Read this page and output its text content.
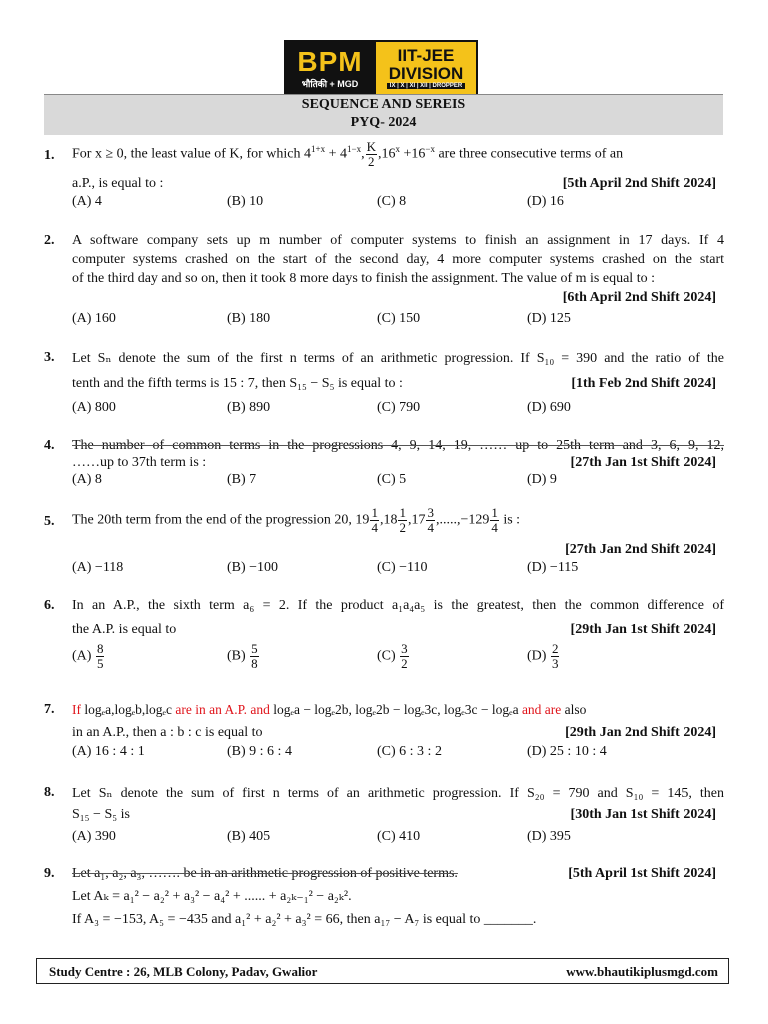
BPM
भौतिकी + MGD
IIT-JEE
DIVISION
IX | X | XI | XII | DROPPER
SEQUENCE AND SEREIS
PYQ- 2024
1. For x ≥ 0, the least value of K, for which $4^{1+x} + 4^{1-x}$, $\frac{K}{2} ,16^x +16^{-x}$ are three consecutive terms of an
a.P., is equal to :	[5th April 2nd Shift 2024]
(A) 4	(B) 10	(C) 8	(D) 16
2. A software company sets up m number of computer systems to finish an assignment in 17 days. If 4
computer systems crashed on the start of the second day, 4 more computer systems crashed on the start
of the third day and so on, then it took 8 more days to finish the assignment. The value of m is equal to :
[6th April 2nd Shift 2024]
(A) 160	(B) 180	(C) 150	(D) 125
3. Let Sₙ denote the sum of the first n terms of an arithmetic progression. If S₁₀ = 390 and the ratio of the
tenth and the fifth terms is 15 : 7, then S₁₅ − S₅ is equal to :	[1th Feb 2nd Shift 2024]
(A) 800	(B) 890	(C) 790	(D) 690
4. The number of common terms in the progressions 4, 9, 14, 19, …… up to 25th term and 3, 6, 9, 12,
……up to 37th term is :	[27th Jan 1st Shift 2024]
(A) 8	(B) 7	(C) 5	(D) 9
5. The 20th term from the end of the progression 20, $19 \frac{1}{4} ,18 \frac{1}{2} ,17 \frac{3}{4} ,.....,-129 \frac{1}{4}$ is :
[27th Jan 2nd Shift 2024]
(A) −118	(B) −100	(C) −110	(D) −115
6. In an A.P., the sixth term a₆ = 2. If the product a₁a₄a₅ is the greatest, then the common difference of
the A.P. is equal to	[29th Jan 1st Shift 2024]
$(A) \frac{8}{5}$	$(B) \frac{5}{8}$	$(C) \frac{3}{2}$	$(D) \frac{2}{3}$
7. If logₑa,logₑb,logₑc are in an A.P. and logₑa − logₑ2b, logₑ2b − logₑ3c, logₑ3c − logₑa and are also
in an A.P., then a : b : c is equal to	[29th Jan 2nd Shift 2024]
(A) 16 : 4 : 1	(B) 9 : 6 : 4	(C) 6 : 3 : 2	(D) 25 : 10 : 4
8. Let Sₙ denote the sum of first n terms of an arithmetic progression. If S₂₀ = 790 and S₁₀ = 145, then
S₁₅ − S₅ is	[30th Jan 1st Shift 2024]
(A) 390	(B) 405	(C) 410	(D) 395
9. Let a₁, a₂, a₃, ……. be in an arithmetic progression of positive terms.	[5th April 1st Shift 2024]
Let Aₖ = a₁² − a₂² + a₃² − a₄² + ...... + a₂ₖ₋₁² − a₂ₖ².
If A₃ = −153, A₅ = −435 and a₁² + a₂² + a₃² = 66, then a₁₇ − A₇ is equal to _______.
Study Centre : 26, MLB Colony, Padav, Gwalior	www.bhautikiplusmgd.com
